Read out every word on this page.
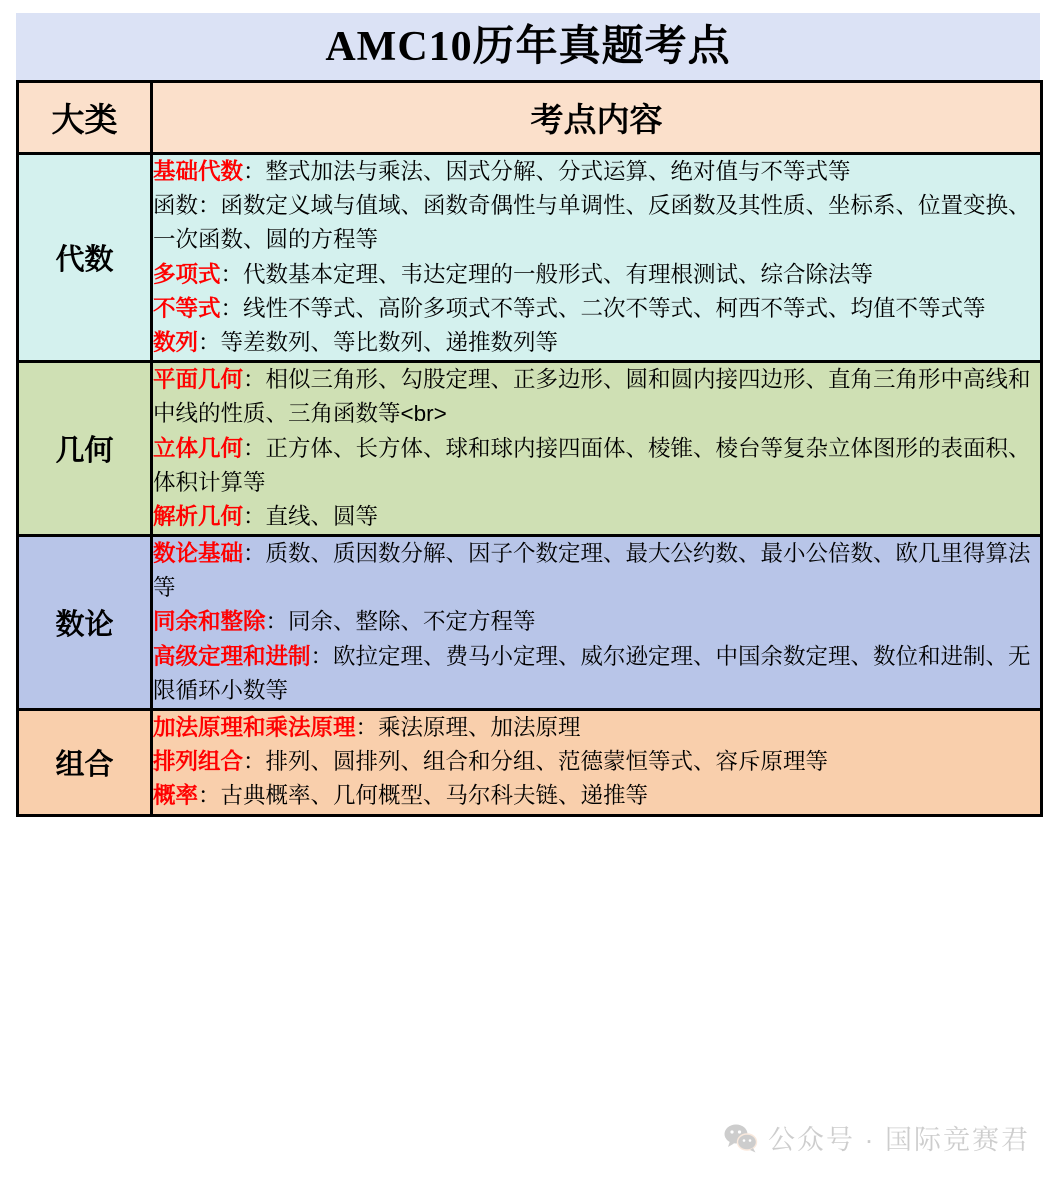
AMC10历年真题考点
大类	考点内容
代数	基础代数：整式加法与乘法、因式分解、分式运算、绝对值与不等式等
函数：函数定义域与值域、函数奇偶性与单调性、反函数及其性质、坐标系、位置变换、一次函数、圆的方程等
多项式：代数基本定理、韦达定理的一般形式、有理根测试、综合除法等
不等式：线性不等式、高阶多项式不等式、二次不等式、柯西不等式、均值不等式等
数列：等差数列、等比数列、递推数列等

几何	平面几何：相似三角形、勾股定理、正多边形、圆和圆内接四边形、直角三角形中高线和中线的性质、三角函数等<br>
立体几何：正方体、长方体、球和球内接四面体、棱锥、棱台等复杂立体图形的表面积、体积计算等
解析几何：直线、圆等

数论	数论基础：质数、质因数分解、因子个数定理、最大公约数、最小公倍数、欧几里得算法等
同余和整除：同余、整除、不定方程等
高级定理和进制：欧拉定理、费马小定理、威尔逊定理、中国余数定理、数位和进制、无限循环小数等

组合	加法原理和乘法原理：乘法原理、加法原理
排列组合：排列、圆排列、组合和分组、范德蒙恒等式、容斥原理等
概率：古典概率、几何概型、马尔科夫链、递推等
公众号 · 国际竞赛君
